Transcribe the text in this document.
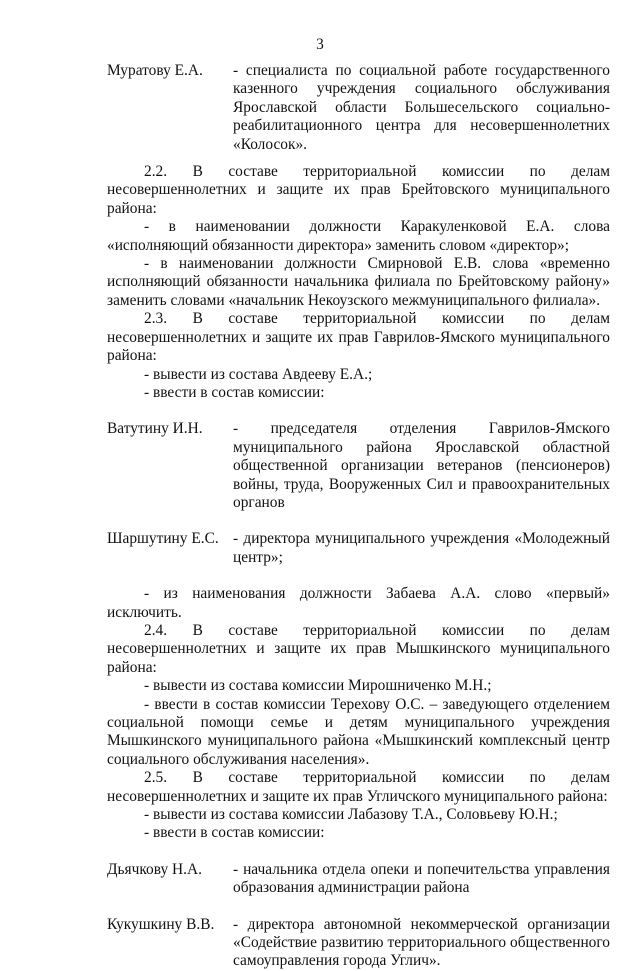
3
Муратову Е.А.	- специалиста по социальной работе государственного казенного учреждения социального обслуживания Ярославской области Большесельского социально-реабилитационного центра для несовершеннолетних «Колосок».
2.2. В составе территориальной комиссии по делам несовершеннолетних и защите их прав Брейтовского муниципального района:
- в наименовании должности Каракуленковой Е.А. слова «исполняющий обязанности директора» заменить словом «директор»;
- в наименовании должности Смирновой Е.В. слова «временно исполняющий обязанности начальника филиала по Брейтовскому району» заменить словами «начальник Некоузского межмуниципального филиала».
2.3. В составе территориальной комиссии по делам несовершеннолетних и защите их прав Гаврилов-Ямского муниципального района:
- вывести из состава Авдееву Е.А.;
- ввести в состав комиссии:
Ватутину И.Н.	- председателя отделения Гаврилов-Ямского муниципального района Ярославской областной общественной организации ветеранов (пенсионеров) войны, труда, Вооруженных Сил и правоохранительных органов
Шаршутину Е.С. - директора муниципального учреждения «Молодежный центр»;
- из наименования должности Забаева А.А. слово «первый» исключить.
2.4. В составе территориальной комиссии по делам несовершеннолетних и защите их прав Мышкинского муниципального района:
- вывести из состава комиссии Мирошниченко М.Н.;
- ввести в состав комиссии Терехову О.С. – заведующего отделением социальной помощи семье и детям муниципального учреждения Мышкинского муниципального района «Мышкинский комплексный центр социального обслуживания населения».
2.5. В составе территориальной комиссии по делам несовершеннолетних и защите их прав Угличского муниципального района:
- вывести из состава комиссии Лабазову Т.А., Соловьеву Ю.Н.;
- ввести в состав комиссии:
Дьячкову Н.А.	- начальника отдела опеки и попечительства управления образования администрации района
Кукушкину В.В.	- директора автономной некоммерческой организации «Содействие развитию территориального общественного самоуправления города Углич».
